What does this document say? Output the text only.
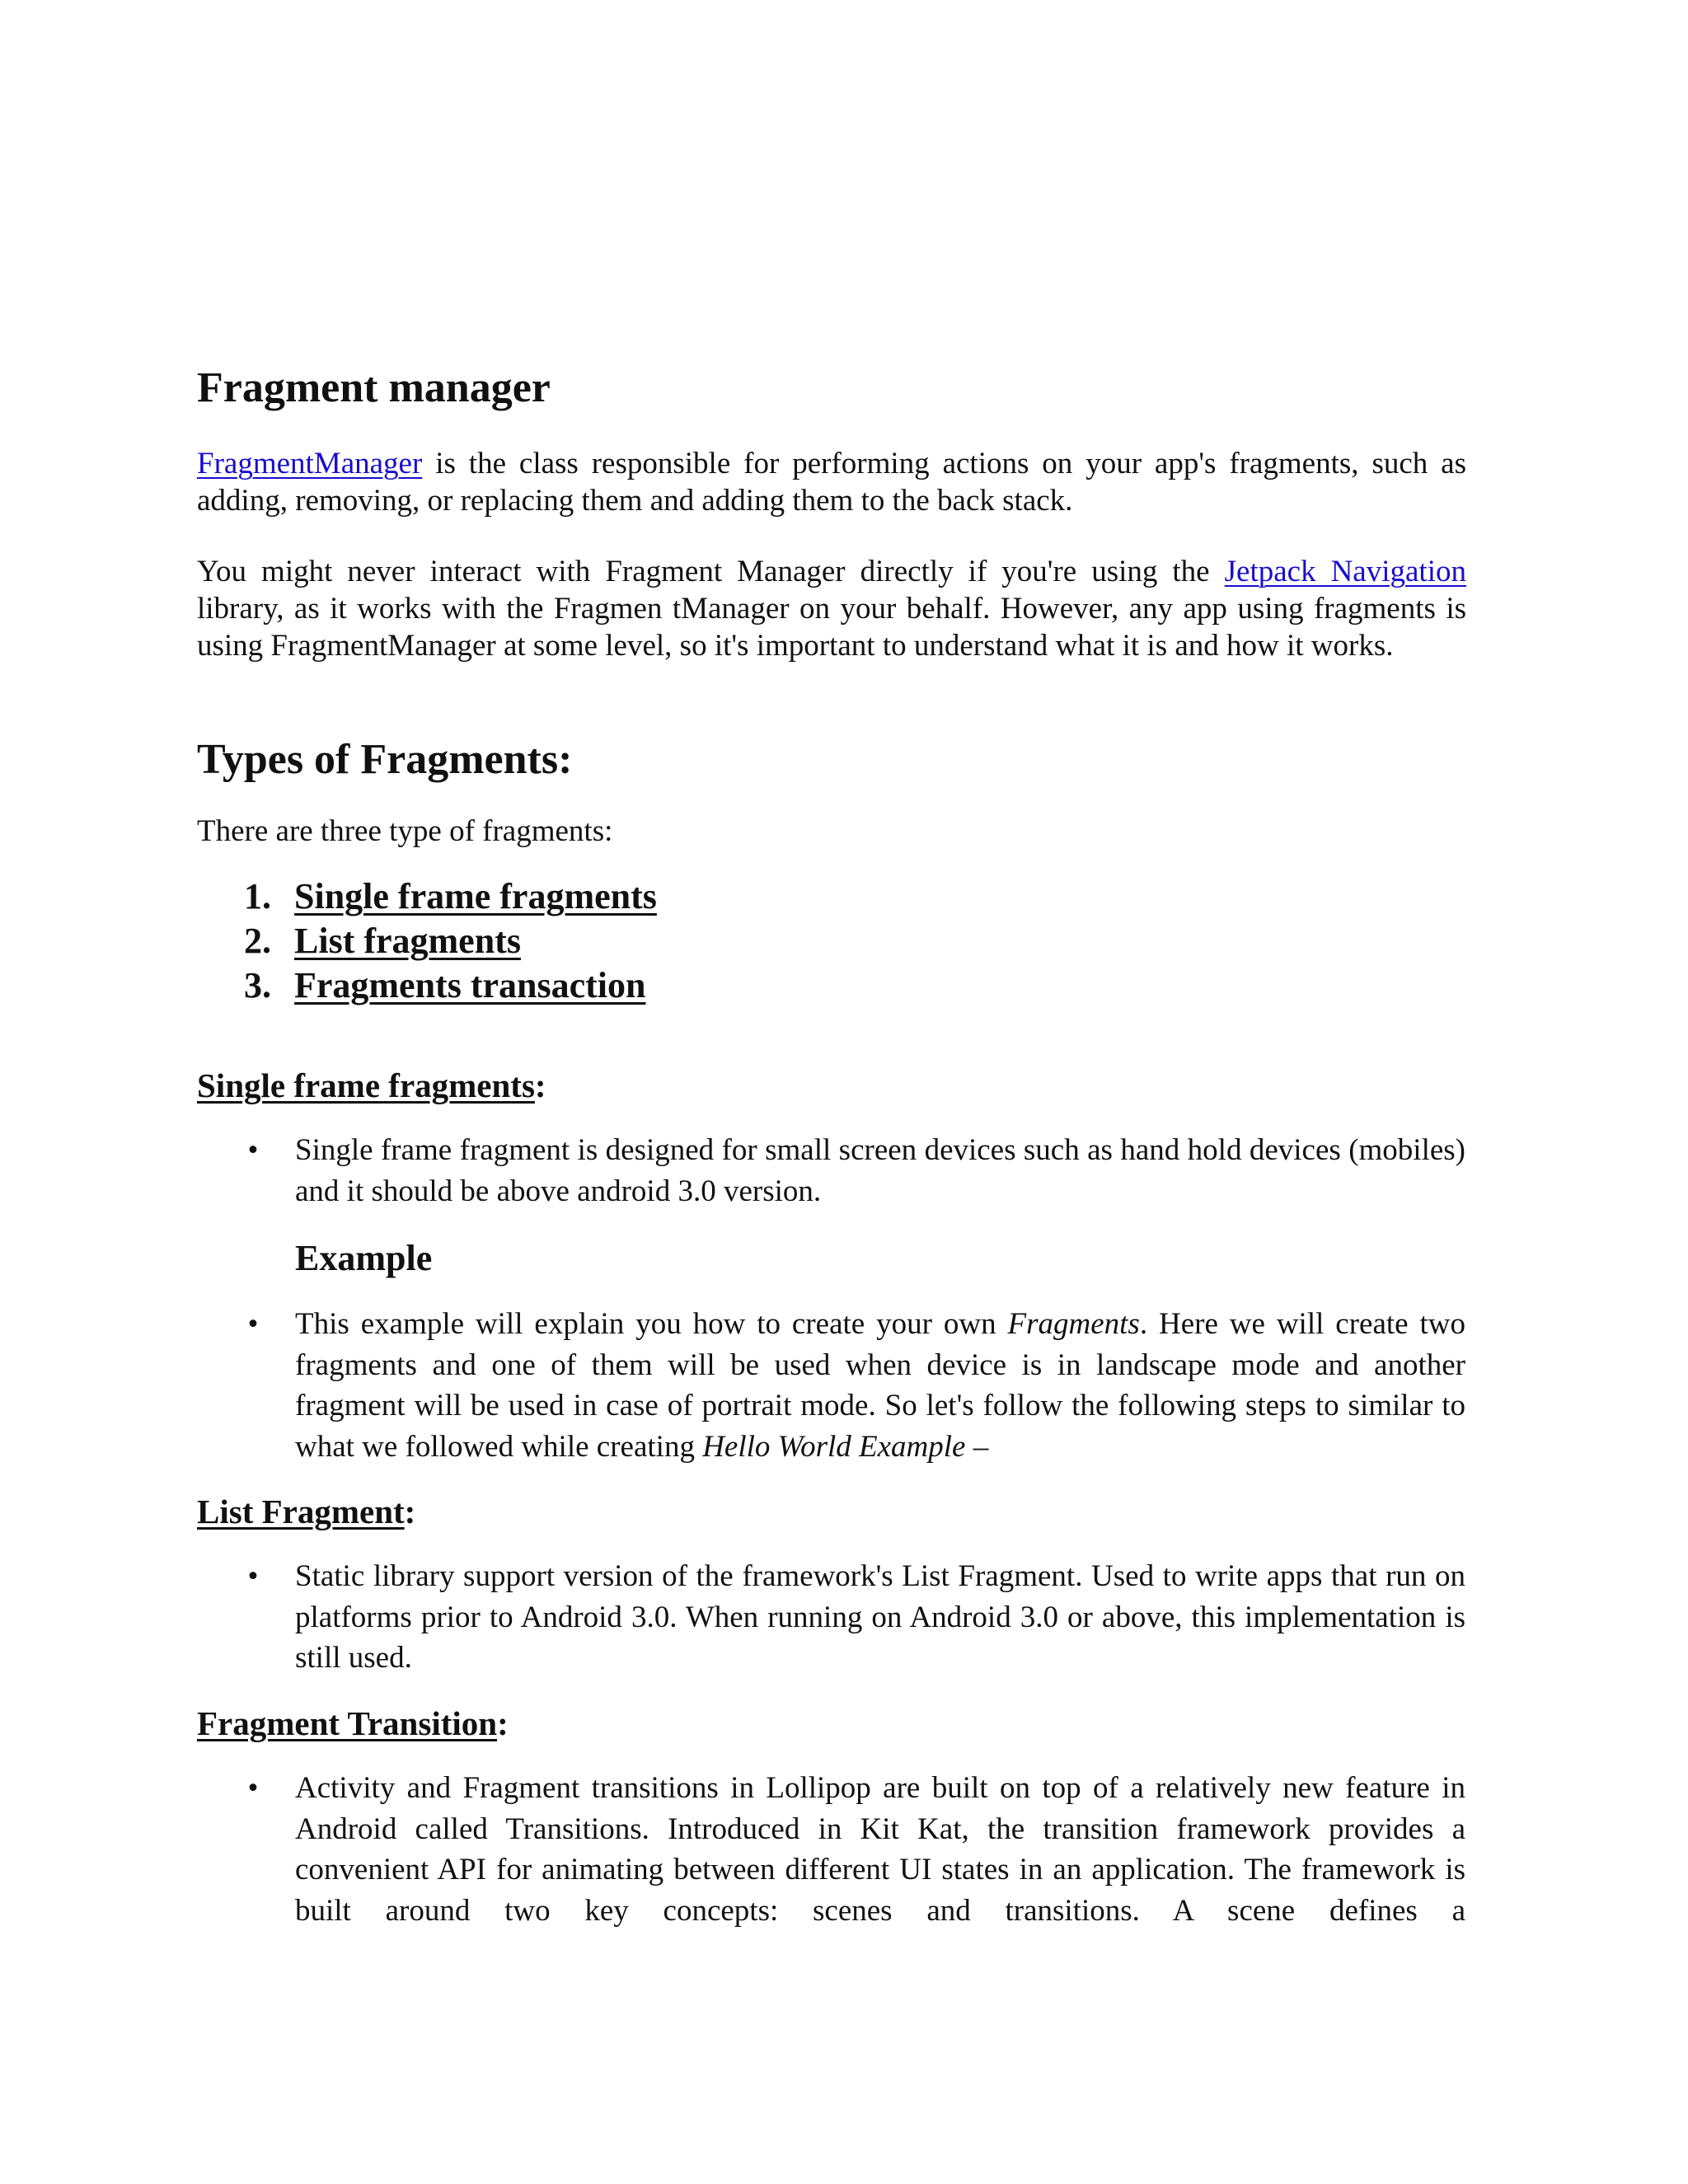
Fragment manager

FragmentManager is the class responsible for performing actions on your app's fragments, such as adding, removing, or replacing them and adding them to the back stack.

You might never interact with Fragment Manager directly if you're using the Jetpack Navigation library, as it works with the Fragmen tManager on your behalf. However, any app using fragments is using FragmentManager at some level, so it's important to understand what it is and how it works.

Types of Fragments:

There are three type of fragments:

1. Single frame fragments
2. List fragments
3. Fragments transaction
Single frame fragments:
• Single frame fragment is designed for small screen devices such as hand hold devices (mobiles) and it should be above android 3.0 version.

Example
• This example will explain you how to create your own Fragments. Here we will create two fragments and one of them will be used when device is in landscape mode and another fragment will be used in case of portrait mode. So let's follow the following steps to similar to what we followed while creating Hello World Example –

List Fragment:
• Static library support version of the framework's List Fragment. Used to write apps that run on platforms prior to Android 3.0. When running on Android 3.0 or above, this implementation is still used.

Fragment Transition:
• Activity and Fragment transitions in Lollipop are built on top of a relatively new feature in Android called Transitions. Introduced in Kit Kat, the transition framework provides a convenient API for animating between different UI states in an application. The framework is built around two key concepts: scenes and transitions. A scene defines a
